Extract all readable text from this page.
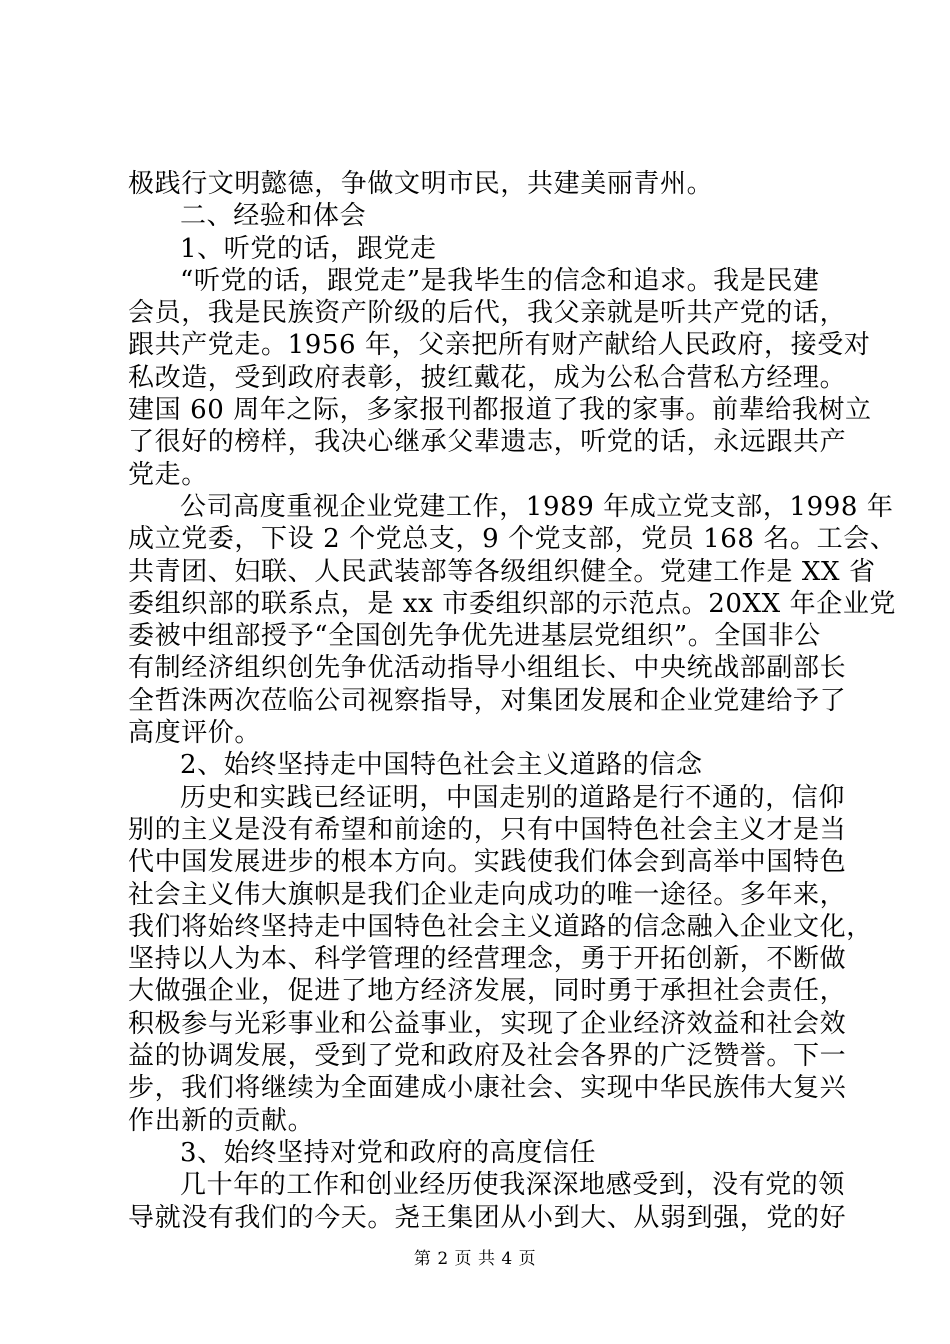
极践行文明懿德，争做文明市民，共建美丽青州。
二、经验和体会
1、听党的话，跟党走
“听党的话，跟党走”是我毕生的信念和追求。我是民建
会员，我是民族资产阶级的后代，我父亲就是听共产党的话，
跟共产党走。1956 年，父亲把所有财产献给人民政府，接受对
私改造，受到政府表彰，披红戴花，成为公私合营私方经理。
建国 60 周年之际，多家报刊都报道了我的家事。前辈给我树立
了很好的榜样，我决心继承父辈遗志，听党的话，永远跟共产
党走。
公司高度重视企业党建工作，1989 年成立党支部，1998 年
成立党委，下设 2 个党总支，9 个党支部，党员 168 名。工会、
共青团、妇联、人民武装部等各级组织健全。党建工作是 XX 省
委组织部的联系点，是 xx 市委组织部的示范点。20XX 年企业党
委被中组部授予“全国创先争优先进基层党组织”。全国非公
有制经济组织创先争优活动指导小组组长、中央统战部副部长
全哲洙两次莅临公司视察指导，对集团发展和企业党建给予了
高度评价。
2、始终坚持走中国特色社会主义道路的信念
历史和实践已经证明，中国走别的道路是行不通的，信仰
别的主义是没有希望和前途的，只有中国特色社会主义才是当
代中国发展进步的根本方向。实践使我们体会到高举中国特色
社会主义伟大旗帜是我们企业走向成功的唯一途径。多年来，
我们将始终坚持走中国特色社会主义道路的信念融入企业文化，
坚持以人为本、科学管理的经营理念，勇于开拓创新，不断做
大做强企业，促进了地方经济发展，同时勇于承担社会责任，
积极参与光彩事业和公益事业，实现了企业经济效益和社会效
益的协调发展，受到了党和政府及社会各界的广泛赞誉。下一
步，我们将继续为全面建成小康社会、实现中华民族伟大复兴
作出新的贡献。
3、始终坚持对党和政府的高度信任
几十年的工作和创业经历使我深深地感受到，没有党的领
导就没有我们的今天。尧王集团从小到大、从弱到强，党的好
第 2 页 共 4 页
